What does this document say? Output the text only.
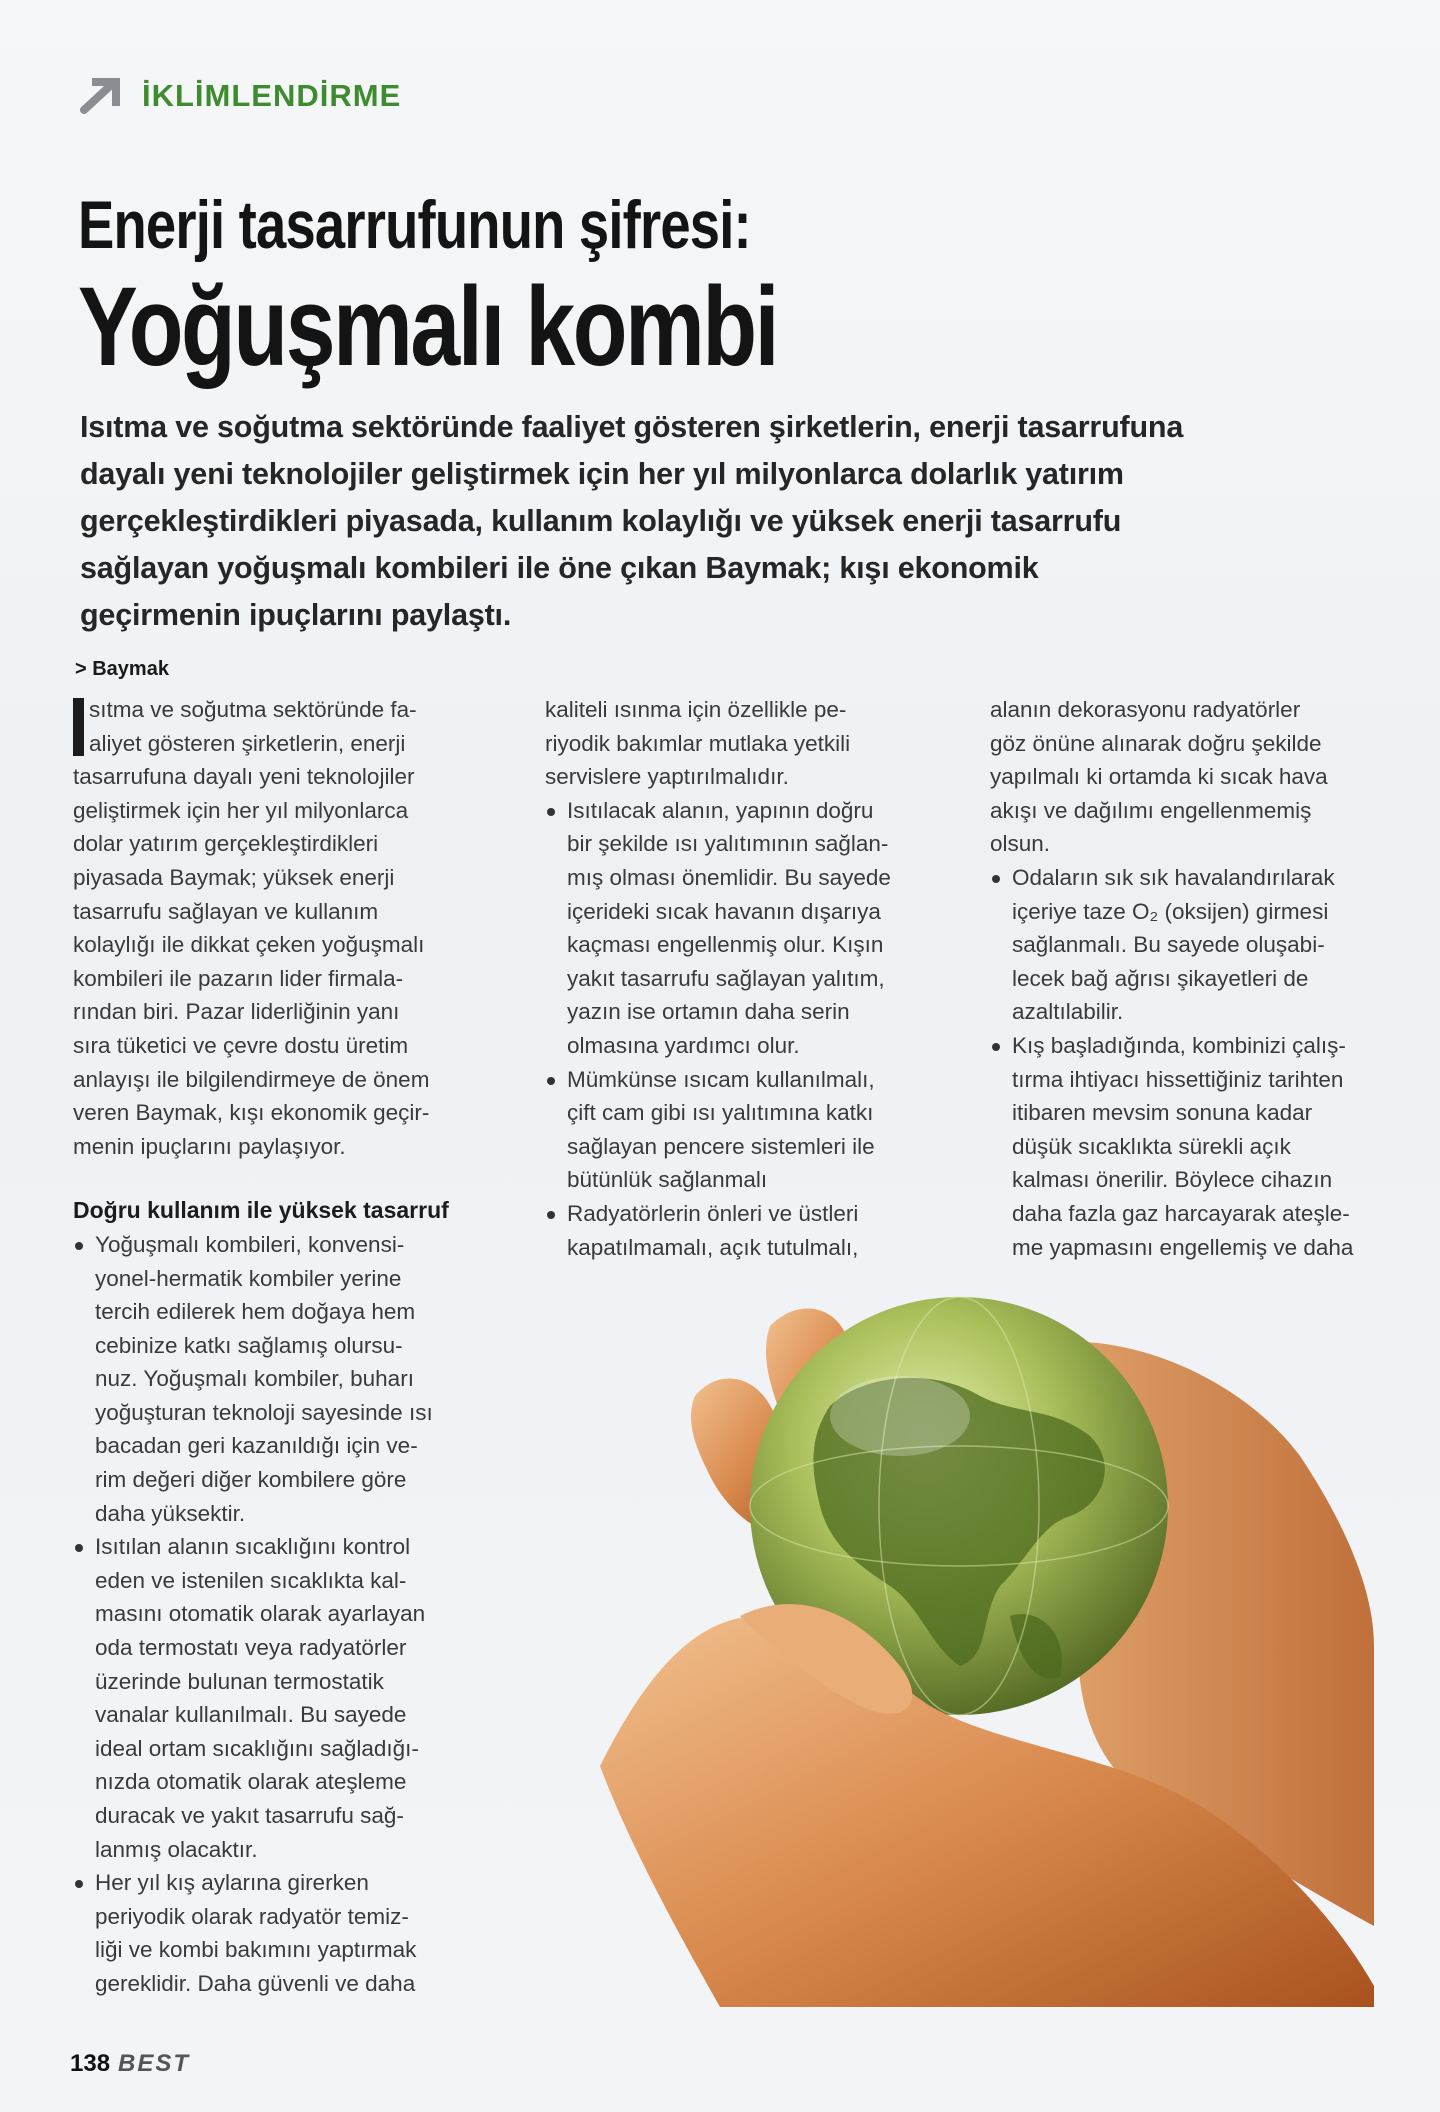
İKLİMLENDİRME
Enerji tasarrufunun şifresi:
Yoğuşmalı kombi
Isıtma ve soğutma sektöründe faaliyet gösteren şirketlerin, enerji tasarrufuna
dayalı yeni teknolojiler geliştirmek için her yıl milyonlarca dolarlık yatırım
gerçekleştirdikleri piyasada, kullanım kolaylığı ve yüksek enerji tasarrufu
sağlayan yoğuşmalı kombileri ile öne çıkan Baymak; kışı ekonomik
geçirmenin ipuçlarını paylaştı.
> Baymak
sıtma ve soğutma sektöründe fa-
aliyet gösteren şirketlerin, enerji
tasarrufuna dayalı yeni teknolojiler
geliştirmek için her yıl milyonlarca
dolar yatırım gerçekleştirdikleri
piyasada Baymak; yüksek enerji
tasarrufu sağlayan ve kullanım
kolaylığı ile dikkat çeken yoğuşmalı
kombileri ile pazarın lider firmala-
rından biri. Pazar liderliğinin yanı
sıra tüketici ve çevre dostu üretim
anlayışı ile bilgilendirmeye de önem
veren Baymak, kışı ekonomik geçir-
menin ipuçlarını paylaşıyor.
Doğru kullanım ile yüksek tasarruf
Yoğuşmalı kombileri, konvensi-
yonel-hermatik kombiler yerine
tercih edilerek hem doğaya hem
cebinize katkı sağlamış olursu-
nuz. Yoğuşmalı kombiler, buharı
yoğuşturan teknoloji sayesinde ısı
bacadan geri kazanıldığı için ve-
rim değeri diğer kombilere göre
daha yüksektir.
Isıtılan alanın sıcaklığını kontrol
eden ve istenilen sıcaklıkta kal-
masını otomatik olarak ayarlayan
oda termostatı veya radyatörler
üzerinde bulunan termostatik
vanalar kullanılmalı. Bu sayede
ideal ortam sıcaklığını sağladığı-
nızda otomatik olarak ateşleme
duracak ve yakıt tasarrufu sağ-
lanmış olacaktır.
Her yıl kış aylarına girerken
periyodik olarak radyatör temiz-
liği ve kombi bakımını yaptırmak
gereklidir. Daha güvenli ve daha
kaliteli ısınma için özellikle pe-
riyodik bakımlar mutlaka yetkili
servislere yaptırılmalıdır.
Isıtılacak alanın, yapının doğru
bir şekilde ısı yalıtımının sağlan-
mış olması önemlidir. Bu sayede
içerideki sıcak havanın dışarıya
kaçması engellenmiş olur. Kışın
yakıt tasarrufu sağlayan yalıtım,
yazın ise ortamın daha serin
olmasına yardımcı olur.
Mümkünse ısıcam kullanılmalı,
çift cam gibi ısı yalıtımına katkı
sağlayan pencere sistemleri ile
bütünlük sağlanmalı
Radyatörlerin önleri ve üstleri
kapatılmamalı, açık tutulmalı,
alanın dekorasyonu radyatörler
göz önüne alınarak doğru şekilde
yapılmalı ki ortamda ki sıcak hava
akışı ve dağılımı engellenmemiş
olsun.
Odaların sık sık havalandırılarak
içeriye taze O₂ (oksijen) girmesi
sağlanmalı. Bu sayede oluşabi-
lecek bağ ağrısı şikayetleri de
azaltılabilir.
Kış başladığında, kombinizi çalış-
tırma ihtiyacı hissettiğiniz tarihten
itibaren mevsim sonuna kadar
düşük sıcaklıkta sürekli açık
kalması önerilir. Böylece cihazın
daha fazla gaz harcayarak ateşle-
me yapmasını engellemiş ve daha
138 BEST
